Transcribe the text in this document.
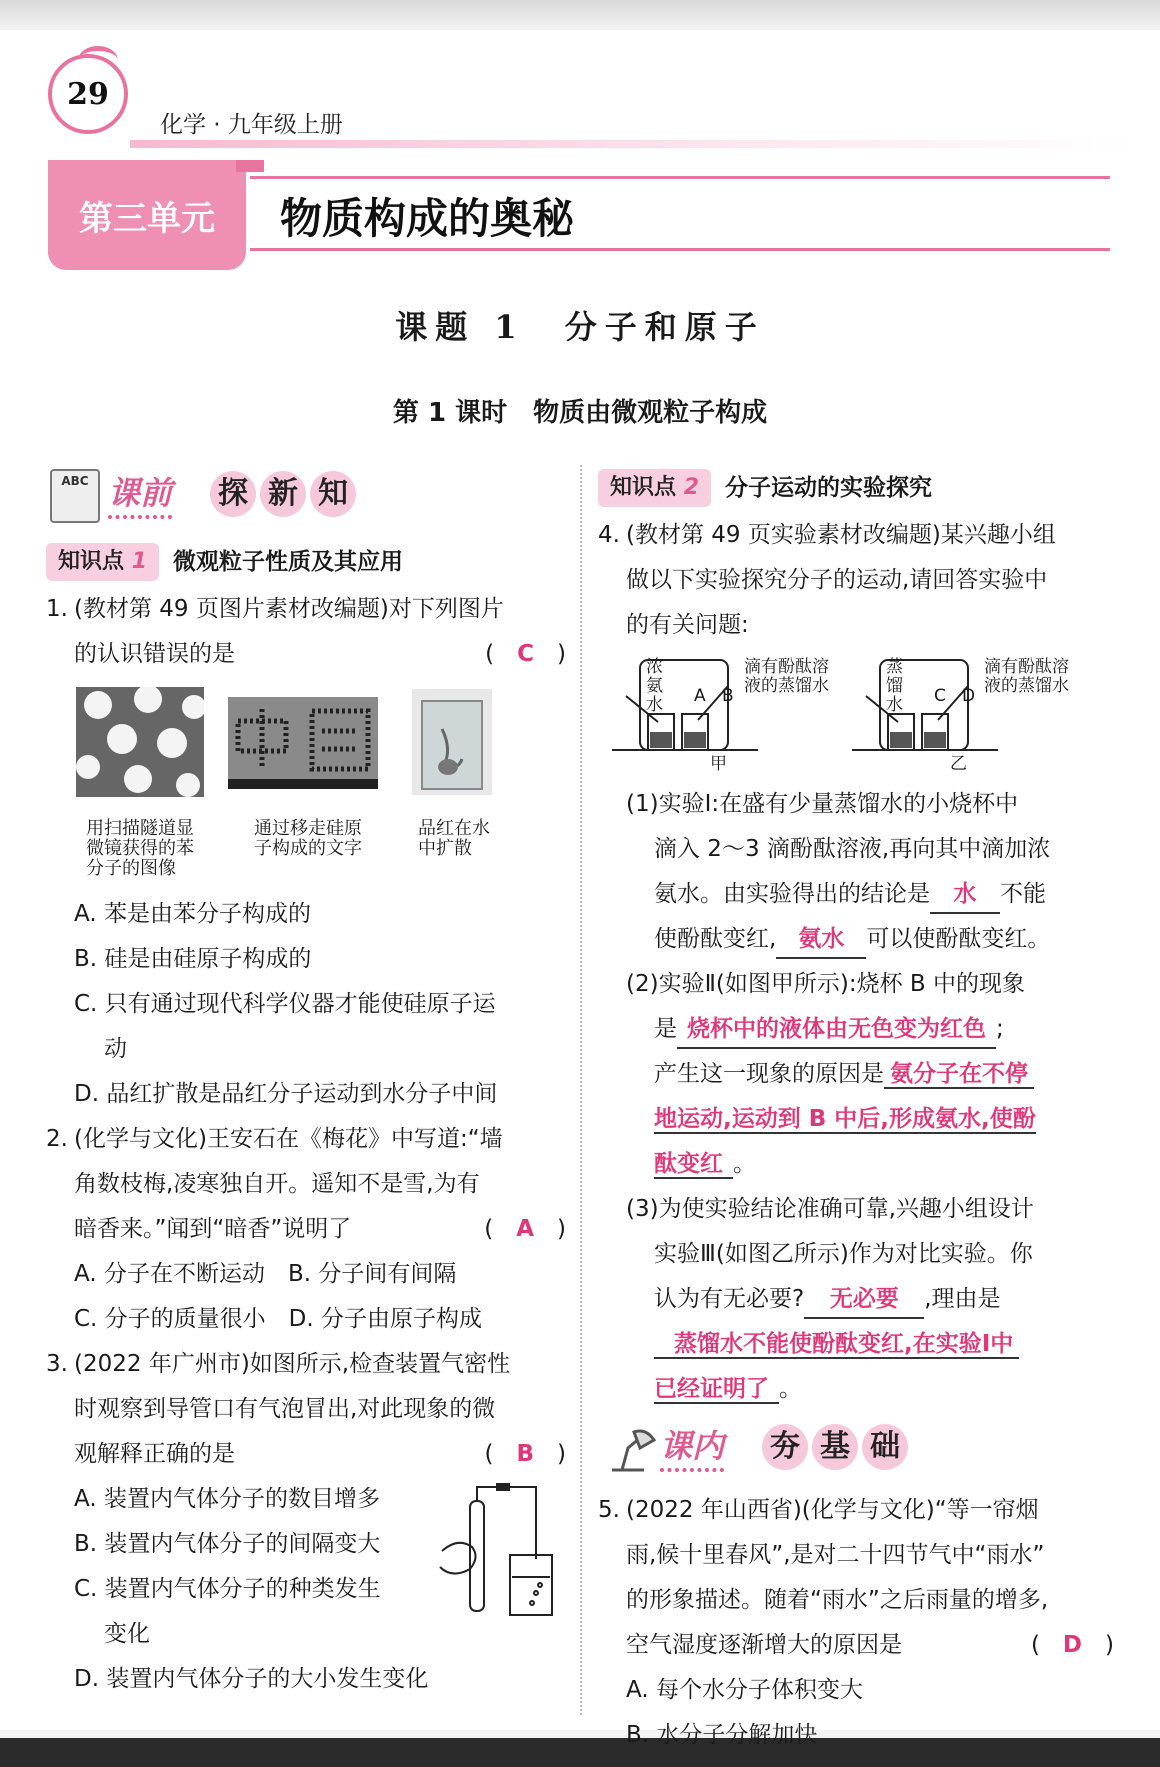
29
化学 · 九年级上册
第三单元	物质构成的奥秘
课题 1　分子和原子
第 1 课时　物质由微观粒子构成
ABC 课前 探 新 知
知识点 1	微观粒子性质及其应用
1. (教材第 49 页图片素材改编题)对下列图片
的认识错误的是	(　C　)
用扫描隧道显
微镜获得的苯
分子的图像
通过移走硅原
子构成的文字
品红在水
中扩散
A. 苯是由苯分子构成的
B. 硅是由硅原子构成的
C. 只有通过现代科学仪器才能使硅原子运
动
D. 品红扩散是品红分子运动到水分子中间
2. (化学与文化)王安石在《梅花》中写道:“墙
角数枝梅,凌寒独自开。遥知不是雪,为有
暗香来。”闻到“暗香”说明了	(　A　)
A. 分子在不断运动　B. 分子间有间隔
C. 分子的质量很小　D. 分子由原子构成
3. (2022 年广州市)如图所示,检查装置气密性
时观察到导管口有气泡冒出,对此现象的微
观解释正确的是	(　B　)
A. 装置内气体分子的数目增多
B. 装置内气体分子的间隔变大
C. 装置内气体分子的种类发生
变化
D. 装置内气体分子的大小发生变化
知识点 2	分子运动的实验探究
4. (教材第 49 页实验素材改编题)某兴趣小组
做以下实验探究分子的运动,请回答实验中
的有关问题:
浓
氨
水 A B
滴有酚酞溶
液的蒸馏水
甲
蒸
馏
水 C D
滴有酚酞溶
液的蒸馏水
乙
(1)实验Ⅰ:在盛有少量蒸馏水的小烧杯中
滴入 2～3 滴酚酞溶液,再向其中滴加浓
氨水。由实验得出的结论是 水 不能
使酚酞变红, 氨水 可以使酚酞变红。
(2)实验Ⅱ(如图甲所示):烧杯 B 中的现象
是 烧杯中的液体由无色变为红色 ;
产生这一现象的原因是 氨分子在不停
地运动,运动到 B 中后,形成氨水,使酚
酞变红 。
(3)为使实验结论准确可靠,兴趣小组设计
实验Ⅲ(如图乙所示)作为对比实验。你
认为有无必要? 无必要 ,理由是
蒸馏水不能使酚酞变红,在实验Ⅰ中
已经证明了 。
课内 夯 基 础
5. (2022 年山西省)(化学与文化)“等一帘烟
雨,候十里春风”,是对二十四节气中“雨水”
的形象描述。随着“雨水”之后雨量的增多,
空气湿度逐渐增大的原因是	(　D　)
A. 每个水分子体积变大
B. 水分子分解加快
